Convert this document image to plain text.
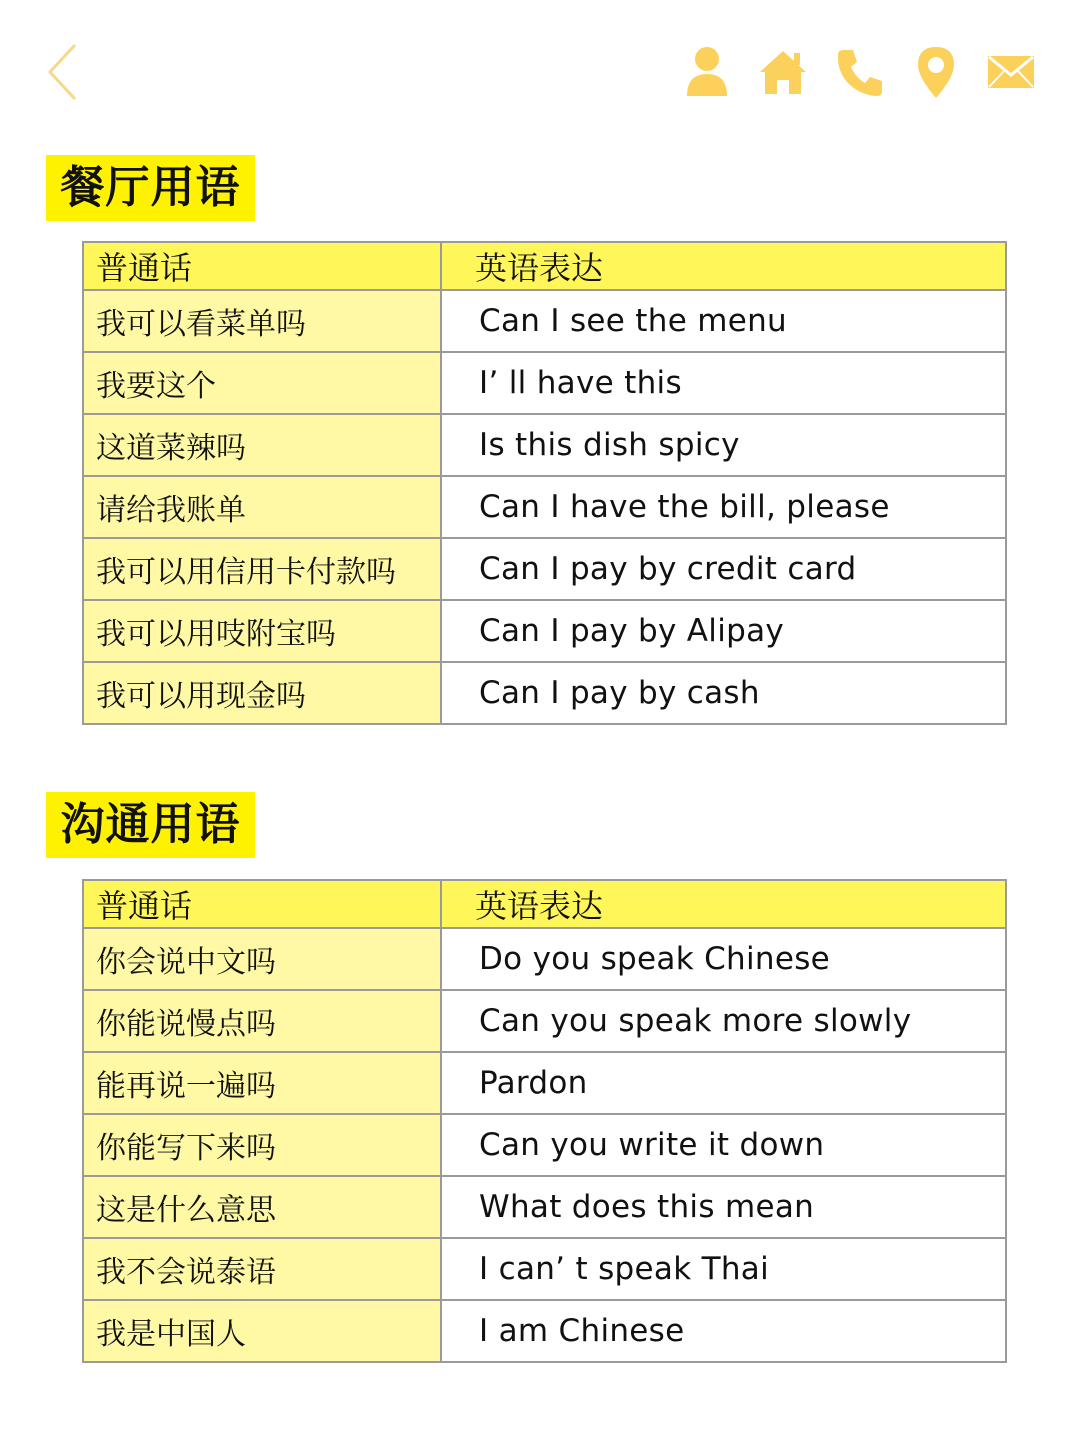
餐厅用语
普通话	英语表达
我可以看菜单吗	Can I see the menu
我要这个	I’ ll have this
这道菜辣吗	Is this dish spicy
请给我账单	Can I have the bill, please
我可以用信用卡付款吗	Can I pay by credit card
我可以用吱附宝吗	Can I pay by Alipay
我可以用现金吗	Can I pay by cash
沟通用语
普通话	英语表达
你会说中文吗	Do you speak Chinese
你能说慢点吗	Can you speak more slowly
能再说一遍吗	Pardon
你能写下来吗	Can you write it down
这是什么意思	What does this mean
我不会说泰语	I can’ t speak Thai
我是中国人	I am Chinese
